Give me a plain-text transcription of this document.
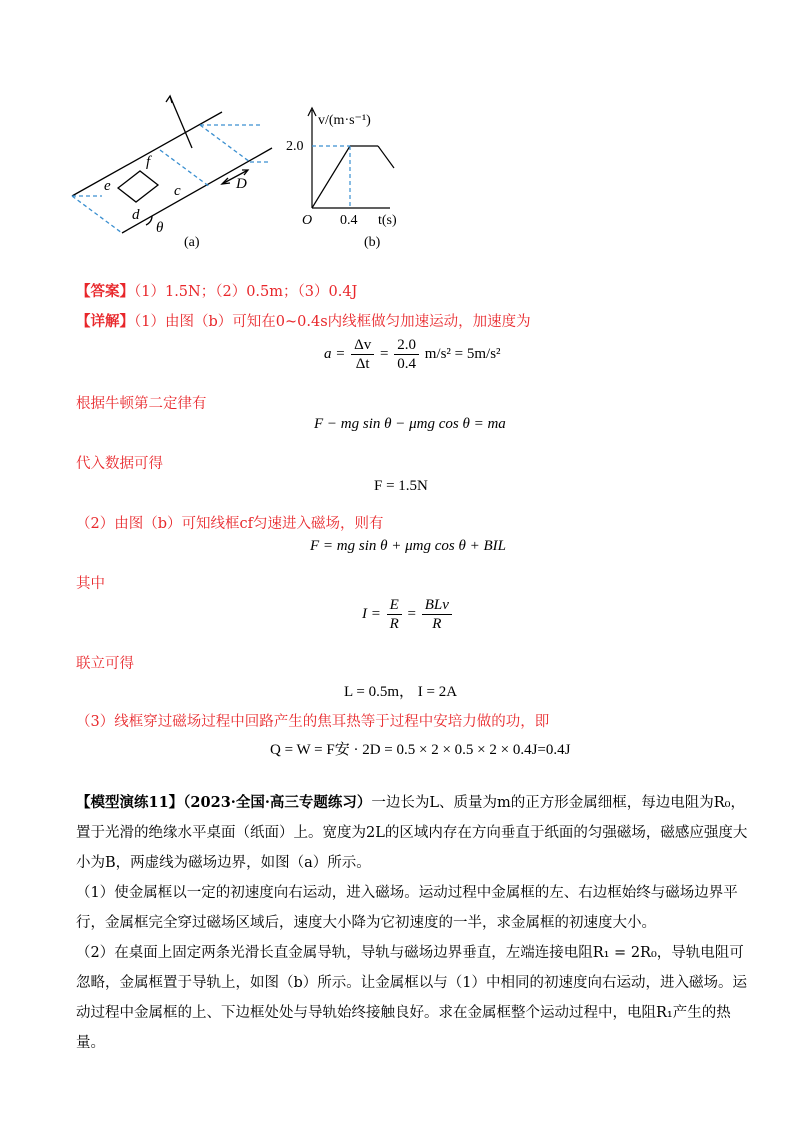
f
e	c
d
D
θ
(a)
v/(m·s⁻¹)
2.0
O 0.4 t(s)
(b)
【答案】（1）1.5N；（2）0.5m；（3）0.4J
【详解】（1）由图（b）可知在0~0.4s内线框做匀加速运动，加速度为
$a = \frac{\Delta v}{\Delta t} = \frac{2.0}{0.4} m/s^2 = 5m/s^2$
根据牛顿第二定律有
F − mg sin θ − μmg cos θ = ma
代入数据可得
F = 1.5N
（2）由图（b）可知线框cf匀速进入磁场，则有
F = mg sin θ + μmg cos θ + BIL
其中
$I = \frac{E}{R} = \frac{\text{BLv}}{R}$
联立可得
L = 0.5m， I = 2A
（3）线框穿过磁场过程中回路产生的焦耳热等于过程中安培力做的功，即
Q = W = F安 · 2D = 0.5 × 2 × 0.5 × 2 × 0.4J=0.4J
【模型演练11】（2023·全国·高三专题练习）一边长为L、质量为m的正方形金属细框，每边电阻为R₀，置于光滑的绝缘水平桌面（纸面）上。宽度为2L的区域内存在方向垂直于纸面的匀强磁场，磁感应强度大小为B，两虚线为磁场边界，如图（a）所示。
（1）使金属框以一定的初速度向右运动，进入磁场。运动过程中金属框的左、右边框始终与磁场边界平行，金属框完全穿过磁场区域后，速度大小降为它初速度的一半，求金属框的初速度大小。
（2）在桌面上固定两条光滑长直金属导轨，导轨与磁场边界垂直，左端连接电阻R₁ = 2R₀，导轨电阻可忽略，金属框置于导轨上，如图（b）所示。让金属框以与（1）中相同的初速度向右运动，进入磁场。运动过程中金属框的上、下边框处处与导轨始终接触良好。求在金属框整个运动过程中，电阻R₁产生的热量。
